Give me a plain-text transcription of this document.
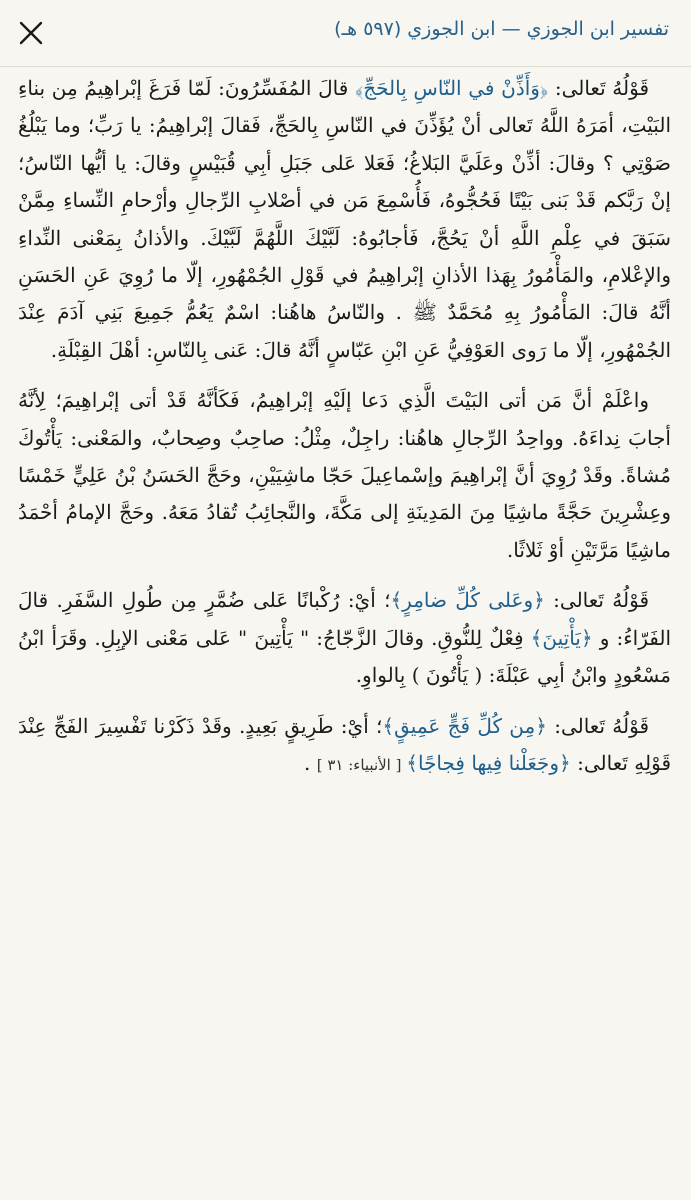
تفسير ابن الجوزي — ابن الجوزي (٥٩٧ هـ)

قَوْلُهُ تَعالى: ﴿وَأَذِّنْ في النّاسِ بِالحَجِّ﴾ قالَ المُفَسِّرُونَ: لَمّا فَرَغَ إبْراهِيمُ مِن بناءِ البَيْتِ، أمَرَهُ اللَّهُ تَعالى أنْ يُؤَذِّنَ في النّاسِ بِالحَجِّ، فَقالَ إبْراهِيمُ: يا رَبِّ؛ وما يَبْلُغُ صَوْتِي ؟ وقالَ: أذِّنْ وعَلَيَّ البَلاغُ؛ فَعَلا عَلى جَبَلِ أبِي قُبَيْسٍ وقالَ: يا أيُّها النّاسُ؛ إنْ رَبَّكم قَدْ بَنى بَيْتًا فَحُجُّوهُ، فَأُسْمِعَ مَن في أصْلابِ الرِّجالِ وأرْحامِ النِّساءِ مِمَّنْ سَبَقَ في عِلْمِ اللَّهِ أنْ يَحُجَّ، فَأجابُوهُ: لَبَّيْكَ اللَّهُمَّ لَبَّيْكَ. والأذانُ بِمَعْنى النِّداءِ والإعْلامِ، والمَأْمُورُ بِهَذا الأذانِ إبْراهِيمُ في قَوْلِ الجُمْهُورِ، إلّا ما رُوِيَ عَنِ الحَسَنِ أنَّهُ قالَ: المَأْمُورُ بِهِ مُحَمَّدٌ ﷺ . والنّاسُ هاهُنا: اسْمٌ يَعُمُّ جَمِيعَ بَنِي آدَمَ عِنْدَ الجُمْهُورِ، إلّا ما رَوى العَوْفِيُّ عَنِ ابْنِ عَبّاسٍ أنَّهُ قالَ: عَنى بِالنّاسِ: أهْلَ القِبْلَةِ.

واعْلَمْ أنَّ مَن أتى البَيْتَ الَّذِي دَعا إلَيْهِ إبْراهِيمُ، فَكَأنَّهُ قَدْ أتى إبْراهِيمَ؛ لِأنَّهُ أجابَ نِداءَهُ. وواحِدُ الرِّجالِ هاهُنا: راجِلٌ، مِثْلُ: صاحِبٌ وصِحابٌ، والمَعْنى: يَأْتُوكَ مُشاةً. وقَدْ رُوِيَ أنَّ إبْراهِيمَ وإسْماعِيلَ حَجّا ماشِيَيْنِ، وحَجَّ الحَسَنُ بْنُ عَلِيٍّ خَمْسًا وعِشْرِينَ حَجَّةً ماشِيًا مِنَ المَدِينَةِ إلى مَكَّةَ، والنَّجائِبُ تُقادُ مَعَهُ. وحَجَّ الإمامُ أحْمَدُ ماشِيًا مَرَّتَيْنِ أوْ ثَلاثًا.

قَوْلُهُ تَعالى: ﴿وعَلى كُلِّ ضامِرٍ﴾؛ أيْ: رُكْبانًا عَلى ضُمَّرٍ مِن طُولِ السَّفَرِ. قالَ الفَرّاءُ: و ﴿يَأْتِينَ﴾ فِعْلٌ لِلنُّوقِ. وقالَ الزَّجّاجُ: " يَأْتِينَ " عَلى مَعْنى الإبِلِ. وقَرَأ ابْنُ مَسْعُودٍ وابْنُ أبِي عَبْلَةَ: ( يَأْتُونَ ) بِالواوِ.

قَوْلُهُ تَعالى: ﴿مِن كُلِّ فَجٍّ عَمِيقٍ﴾؛ أيْ: طَرِيقٍ بَعِيدٍ. وقَدْ ذَكَرْنا تَفْسِيرَ الفَجِّ عِنْدَ قَوْلِهِ تَعالى: ﴿وجَعَلْنا فِيها فِجاجًا﴾ [ الأنبياء: ٣١ ] .
